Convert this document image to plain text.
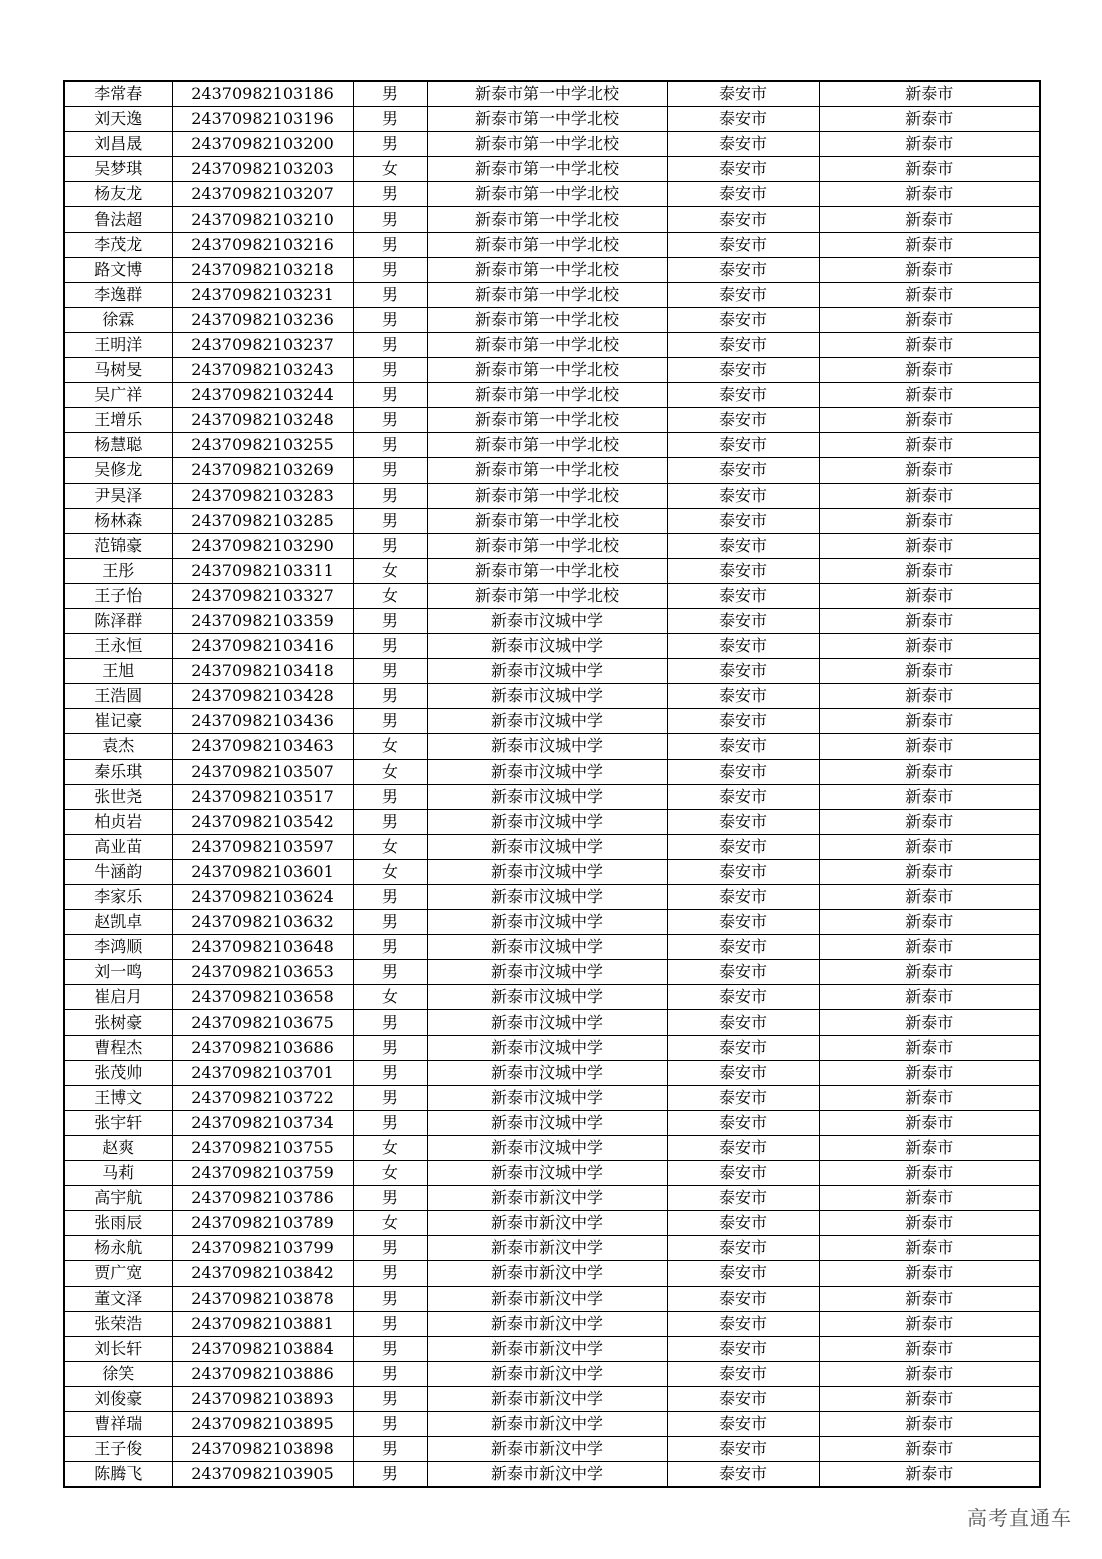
李常春	24370982103186	男	新泰市第一中学北校	泰安市	新泰市
刘天逸	24370982103196	男	新泰市第一中学北校	泰安市	新泰市
刘昌晟	24370982103200	男	新泰市第一中学北校	泰安市	新泰市
吴梦琪	24370982103203	女	新泰市第一中学北校	泰安市	新泰市
杨友龙	24370982103207	男	新泰市第一中学北校	泰安市	新泰市
鲁法超	24370982103210	男	新泰市第一中学北校	泰安市	新泰市
李茂龙	24370982103216	男	新泰市第一中学北校	泰安市	新泰市
路文博	24370982103218	男	新泰市第一中学北校	泰安市	新泰市
李逸群	24370982103231	男	新泰市第一中学北校	泰安市	新泰市
徐霖	24370982103236	男	新泰市第一中学北校	泰安市	新泰市
王明洋	24370982103237	男	新泰市第一中学北校	泰安市	新泰市
马树旻	24370982103243	男	新泰市第一中学北校	泰安市	新泰市
吴广祥	24370982103244	男	新泰市第一中学北校	泰安市	新泰市
王增乐	24370982103248	男	新泰市第一中学北校	泰安市	新泰市
杨慧聪	24370982103255	男	新泰市第一中学北校	泰安市	新泰市
吴修龙	24370982103269	男	新泰市第一中学北校	泰安市	新泰市
尹昊泽	24370982103283	男	新泰市第一中学北校	泰安市	新泰市
杨林森	24370982103285	男	新泰市第一中学北校	泰安市	新泰市
范锦豪	24370982103290	男	新泰市第一中学北校	泰安市	新泰市
王彤	24370982103311	女	新泰市第一中学北校	泰安市	新泰市
王子怡	24370982103327	女	新泰市第一中学北校	泰安市	新泰市
陈泽群	24370982103359	男	新泰市汶城中学	泰安市	新泰市
王永恒	24370982103416	男	新泰市汶城中学	泰安市	新泰市
王旭	24370982103418	男	新泰市汶城中学	泰安市	新泰市
王浩圆	24370982103428	男	新泰市汶城中学	泰安市	新泰市
崔记豪	24370982103436	男	新泰市汶城中学	泰安市	新泰市
袁杰	24370982103463	女	新泰市汶城中学	泰安市	新泰市
秦乐琪	24370982103507	女	新泰市汶城中学	泰安市	新泰市
张世尧	24370982103517	男	新泰市汶城中学	泰安市	新泰市
柏贞岩	24370982103542	男	新泰市汶城中学	泰安市	新泰市
高业苗	24370982103597	女	新泰市汶城中学	泰安市	新泰市
牛涵韵	24370982103601	女	新泰市汶城中学	泰安市	新泰市
李家乐	24370982103624	男	新泰市汶城中学	泰安市	新泰市
赵凯卓	24370982103632	男	新泰市汶城中学	泰安市	新泰市
李鸿顺	24370982103648	男	新泰市汶城中学	泰安市	新泰市
刘一鸣	24370982103653	男	新泰市汶城中学	泰安市	新泰市
崔启月	24370982103658	女	新泰市汶城中学	泰安市	新泰市
张树豪	24370982103675	男	新泰市汶城中学	泰安市	新泰市
曹程杰	24370982103686	男	新泰市汶城中学	泰安市	新泰市
张茂帅	24370982103701	男	新泰市汶城中学	泰安市	新泰市
王博文	24370982103722	男	新泰市汶城中学	泰安市	新泰市
张宇轩	24370982103734	男	新泰市汶城中学	泰安市	新泰市
赵爽	24370982103755	女	新泰市汶城中学	泰安市	新泰市
马莉	24370982103759	女	新泰市汶城中学	泰安市	新泰市
高宇航	24370982103786	男	新泰市新汶中学	泰安市	新泰市
张雨辰	24370982103789	女	新泰市新汶中学	泰安市	新泰市
杨永航	24370982103799	男	新泰市新汶中学	泰安市	新泰市
贾广宽	24370982103842	男	新泰市新汶中学	泰安市	新泰市
董文泽	24370982103878	男	新泰市新汶中学	泰安市	新泰市
张荣浩	24370982103881	男	新泰市新汶中学	泰安市	新泰市
刘长轩	24370982103884	男	新泰市新汶中学	泰安市	新泰市
徐笑	24370982103886	男	新泰市新汶中学	泰安市	新泰市
刘俊豪	24370982103893	男	新泰市新汶中学	泰安市	新泰市
曹祥瑞	24370982103895	男	新泰市新汶中学	泰安市	新泰市
王子俊	24370982103898	男	新泰市新汶中学	泰安市	新泰市
陈腾飞	24370982103905	男	新泰市新汶中学	泰安市	新泰市
高考直通车
